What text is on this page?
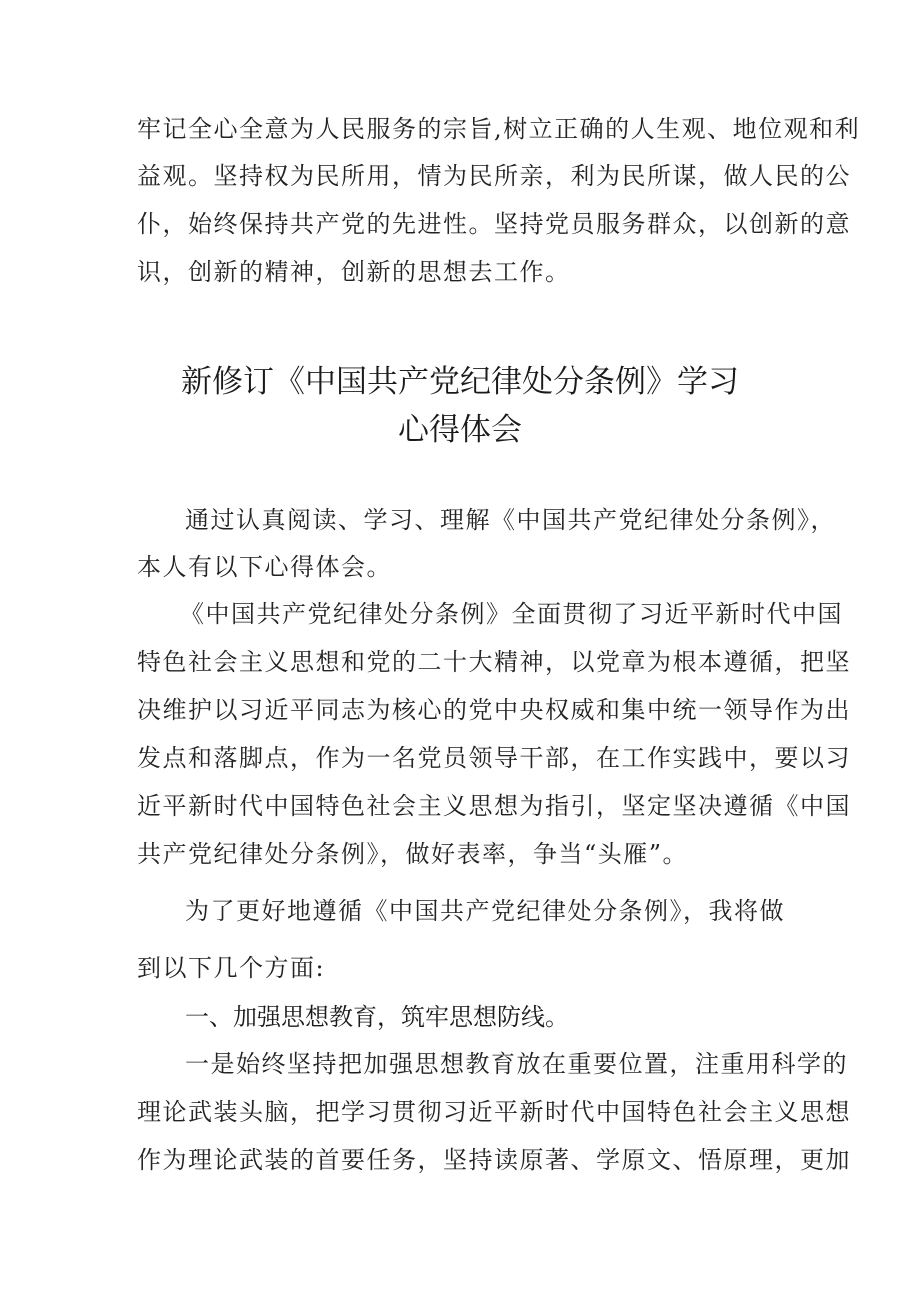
牢记全心全意为人民服务的宗旨,树立正确的人生观、地位观和利
益观。坚持权为民所用，情为民所亲，利为民所谋，做人民的公
仆，始终保持共产党的先进性。坚持党员服务群众，以创新的意
识，创新的精神，创新的思想去工作。
新修订《中国共产党纪律处分条例》学习
心得体会
通过认真阅读、学习、理解《中国共产党纪律处分条例》，
本人有以下心得体会。
《中国共产党纪律处分条例》全面贯彻了习近平新时代中国
特色社会主义思想和党的二十大精神，以党章为根本遵循，把坚
决维护以习近平同志为核心的党中央权威和集中统一领导作为出
发点和落脚点，作为一名党员领导干部，在工作实践中，要以习
近平新时代中国特色社会主义思想为指引，坚定坚决遵循《中国
共产党纪律处分条例》，做好表率，争当“头雁”。
为了更好地遵循《中国共产党纪律处分条例》，我将做
到以下几个方面:
一、加强思想教育，筑牢思想防线。
一是始终坚持把加强思想教育放在重要位置，注重用科学的
理论武装头脑，把学习贯彻习近平新时代中国特色社会主义思想
作为理论武装的首要任务，坚持读原著、学原文、悟原理，更加
